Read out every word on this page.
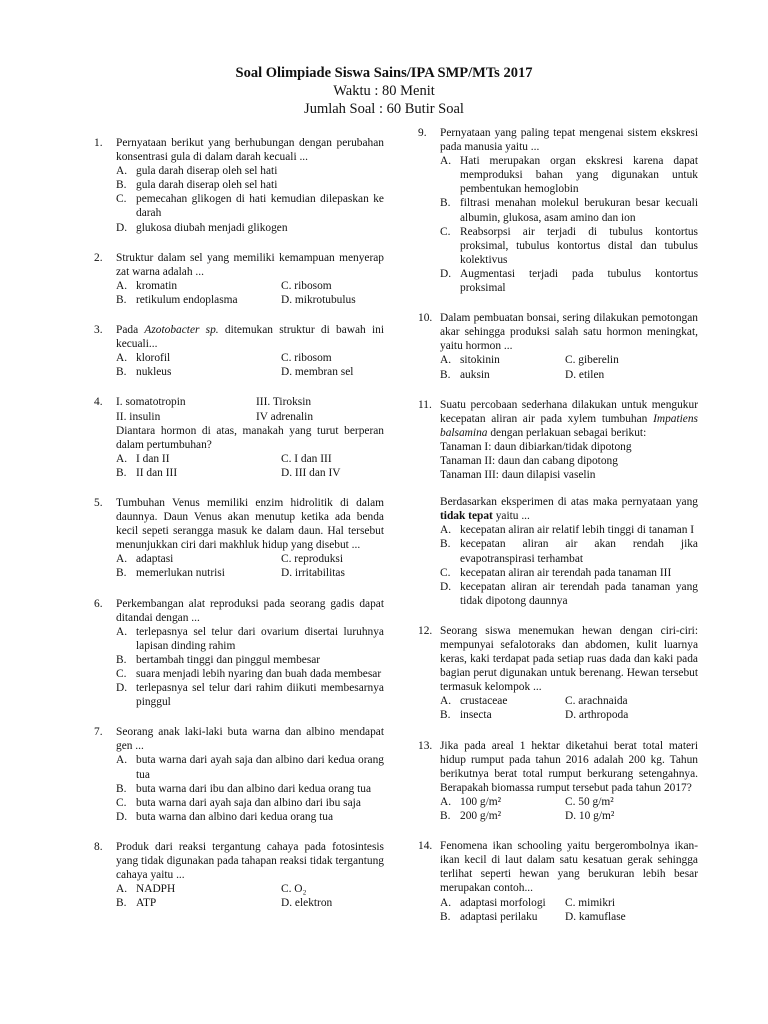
Soal Olimpiade Siswa Sains/IPA SMP/MTs 2017
Waktu : 80 Menit
Jumlah Soal : 60 Butir Soal
1. Pernyataan berikut yang berhubungan dengan perubahan konsentrasi gula di dalam darah kecuali ...
A. gula darah diserap oleh sel hati
B. gula darah diserap oleh sel hati
C. pemecahan glikogen di hati kemudian dilepaskan ke darah
D. glukosa diubah menjadi glikogen
2. Struktur dalam sel yang memiliki kemampuan menyerap zat warna adalah ...
A. kromatin	C. ribosom
B. retikulum endoplasma	D. mikrotubulus
3. Pada Azotobacter sp. ditemukan struktur di bawah ini kecuali...
A. klorofil	C. ribosom
B. nukleus	D. membran sel
4. I. somatotropin	III. Tiroksin
II. insulin	IV adrenalin
Diantara hormon di atas, manakah yang turut berperan dalam pertumbuhan?
A. I dan II	C. I dan III
B. II dan III	D. III dan IV
5. Tumbuhan Venus memiliki enzim hidrolitik di dalam daunnya. Daun Venus akan menutup ketika ada benda kecil sepeti serangga masuk ke dalam daun. Hal tersebut menunjukkan ciri dari makhluk hidup yang disebut ...
A. adaptasi	C. reproduksi
B. memerlukan nutrisi	D. irritabilitas
6. Perkembangan alat reproduksi pada seorang gadis dapat ditandai dengan ...
A. terlepasnya sel telur dari ovarium disertai luruhnya lapisan dinding rahim
B. bertambah tinggi dan pinggul membesar
C. suara menjadi lebih nyaring dan buah dada membesar
D. terlepasnya sel telur dari rahim diikuti membesarnya pinggul
7. Seorang anak laki-laki buta warna dan albino mendapat gen ...
A. buta warna dari ayah saja dan albino dari kedua orang tua
B. buta warna dari ibu dan albino dari kedua orang tua
C. buta warna dari ayah saja dan albino dari ibu saja
D. buta warna dan albino dari kedua orang tua
8. Produk dari reaksi tergantung cahaya pada fotosintesis yang tidak digunakan pada tahapan reaksi tidak tergantung cahaya yaitu ...
A. NADPH	C. O₂
B. ATP	D. elektron
9. Pernyataan yang paling tepat mengenai sistem ekskresi pada manusia yaitu ...
A. Hati merupakan organ ekskresi karena dapat memproduksi bahan yang digunakan untuk pembentukan hemoglobin
B. filtrasi menahan molekul berukuran besar kecuali albumin, glukosa, asam amino dan ion
C. Reabsorpsi air terjadi di tubulus kontortus proksimal, tubulus kontortus distal dan tubulus kolektivus
D. Augmentasi terjadi pada tubulus kontortus proksimal
10. Dalam pembuatan bonsai, sering dilakukan pemotongan akar sehingga produksi salah satu hormon meningkat, yaitu hormon ...
A. sitokinin	C. giberelin
B. auksin	D. etilen
11. Suatu percobaan sederhana dilakukan untuk mengukur kecepatan aliran air pada xylem tumbuhan Impatiens balsamina dengan perlakuan sebagai berikut:
Tanaman I: daun dibiarkan/tidak dipotong
Tanaman II: daun dan cabang dipotong
Tanaman III: daun dilapisi vaselin
Berdasarkan eksperimen di atas maka pernyataan yang tidak tepat yaitu ...
A. kecepatan aliran air relatif lebih tinggi di tanaman I
B. kecepatan aliran air akan rendah jika evapotranspirasi terhambat
C. kecepatan aliran air terendah pada tanaman III
D. kecepatan aliran air terendah pada tanaman yang tidak dipotong daunnya
12. Seorang siswa menemukan hewan dengan ciri-ciri: mempunyai sefalotoraks dan abdomen, kulit luarnya keras, kaki terdapat pada setiap ruas dada dan kaki pada bagian perut digunakan untuk berenang. Hewan tersebut termasuk kelompok ...
A. crustaceae	C. arachnaida
B. insecta	D. arthropoda
13. Jika pada areal 1 hektar diketahui berat total materi hidup rumput pada tahun 2016 adalah 200 kg. Tahun berikutnya berat total rumput berkurang setengahnya. Berapakah biomassa rumput tersebut pada tahun 2017?
A. 100 g/m²	C. 50 g/m²
B. 200 g/m²	D. 10 g/m²
14. Fenomena ikan schooling yaitu bergerombolnya ikan-ikan kecil di laut dalam satu kesatuan gerak sehingga terlihat seperti hewan yang berukuran lebih besar merupakan contoh...
A. adaptasi morfologi C. mimikri
B. adaptasi perilaku D. kamuflase
